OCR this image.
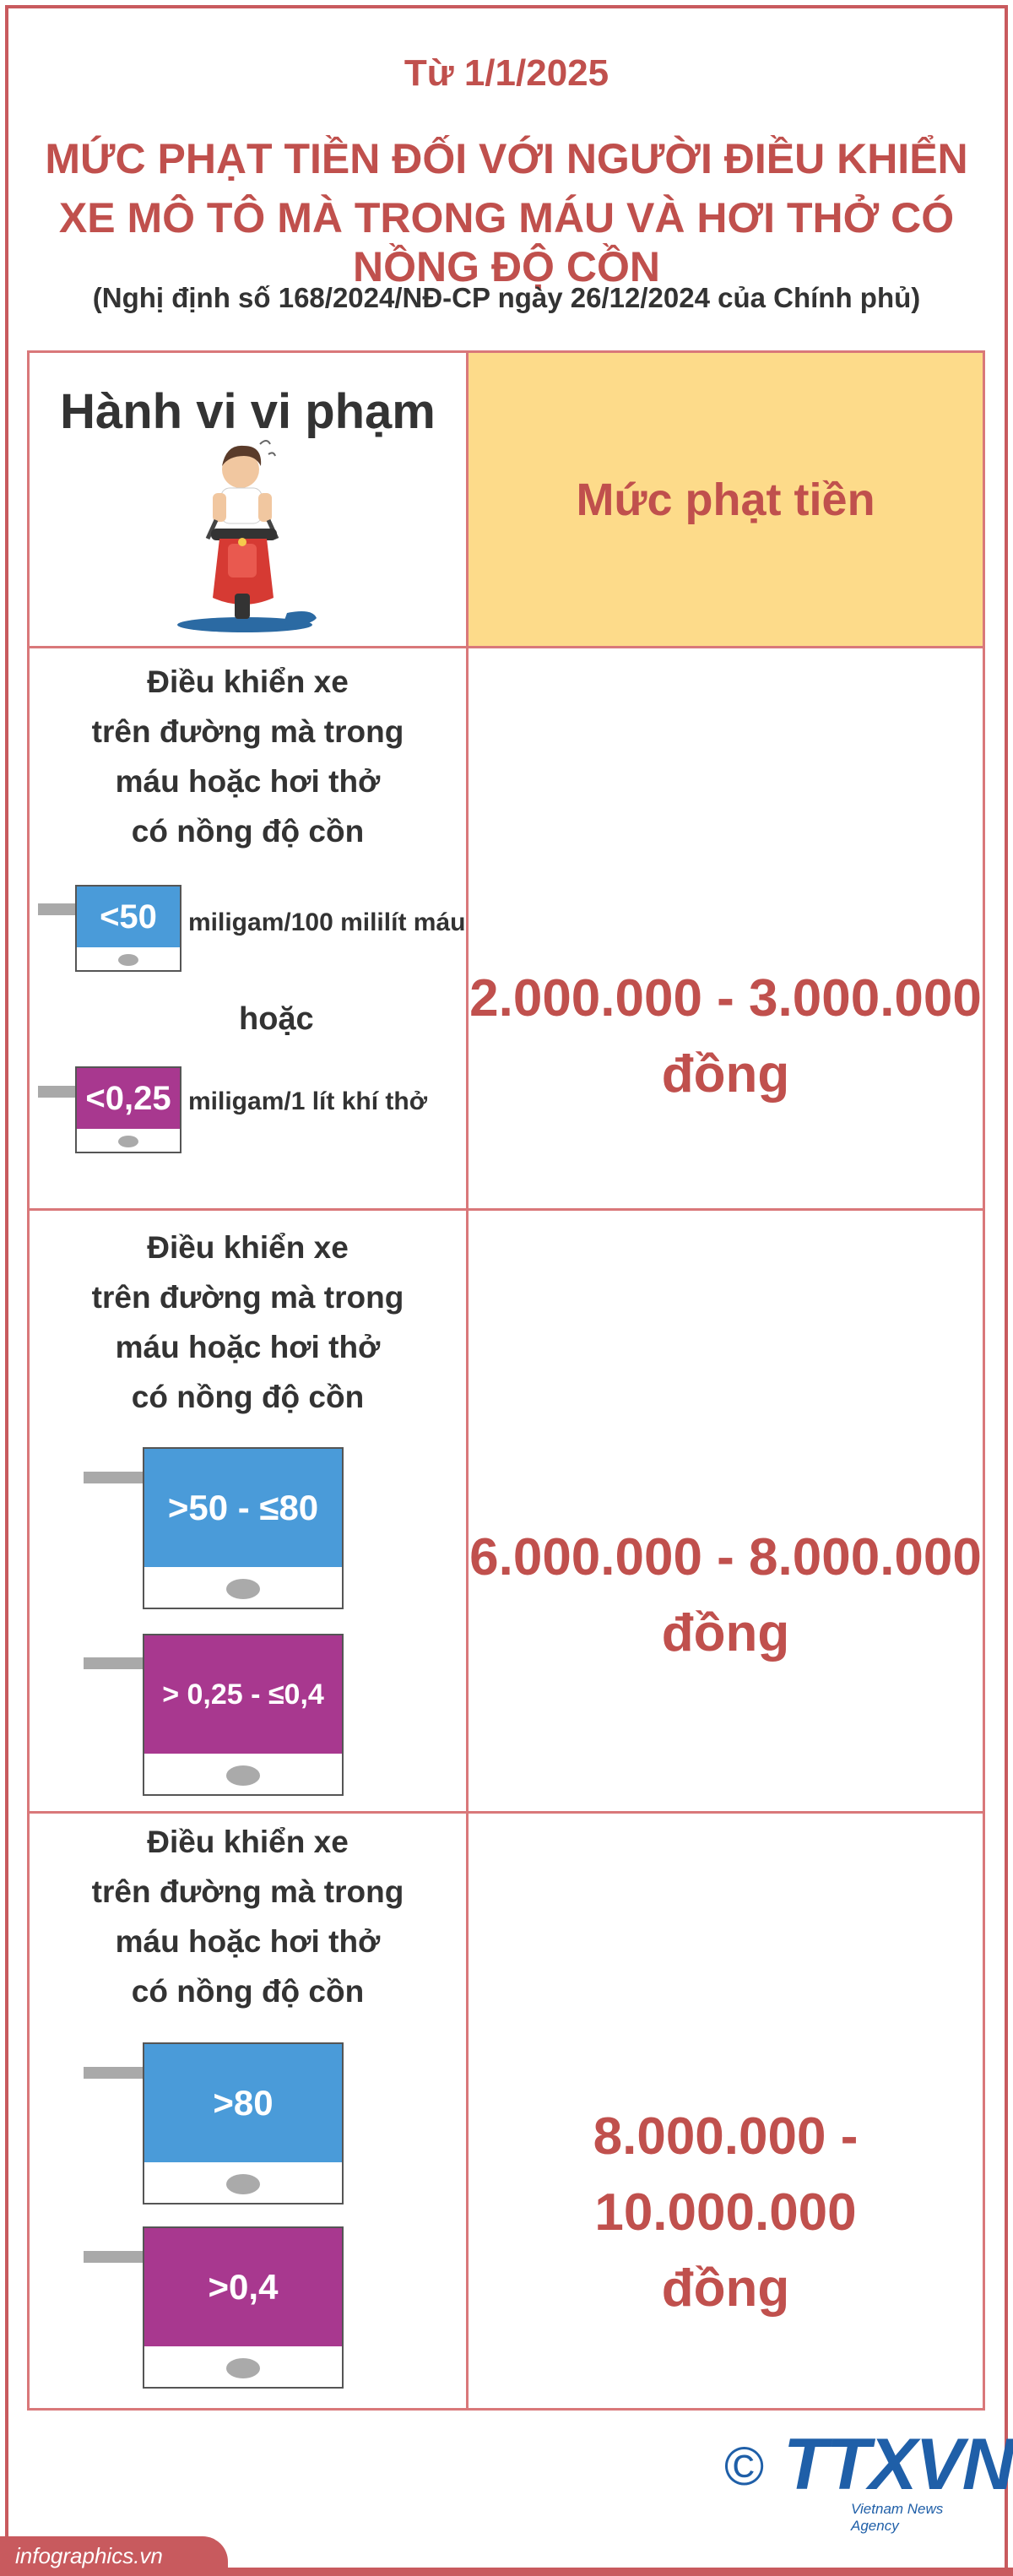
Từ 1/1/2025
MỨC PHẠT TIỀN ĐỐI VỚI NGƯỜI ĐIỀU KHIỂN
XE MÔ TÔ MÀ TRONG MÁU VÀ HƠI THỞ CÓ NỒNG ĐỘ CỒN
(Nghị định số 168/2024/NĐ-CP ngày 26/12/2024 của Chính phủ)
Hành vi vi phạm
Mức phạt tiền
Điều khiển xe
trên đường mà trong
máu hoặc hơi thở
có nồng độ cồn
<50	miligam/100 mililít máu
hoặc
<0,25 miligam/1 lít khí thở
2.000.000 - 3.000.000
đồng
Điều khiển xe
trên đường mà trong
máu hoặc hơi thở
có nồng độ cồn
>50 - ≤80
> 0,25 - ≤0,4
6.000.000 - 8.000.000
đồng
Điều khiển xe
trên đường mà trong
máu hoặc hơi thở
có nồng độ cồn
>80
>0,4
8.000.000 - 10.000.000
đồng
© TTXVN
Vietnam News Agency
infographics.vn
